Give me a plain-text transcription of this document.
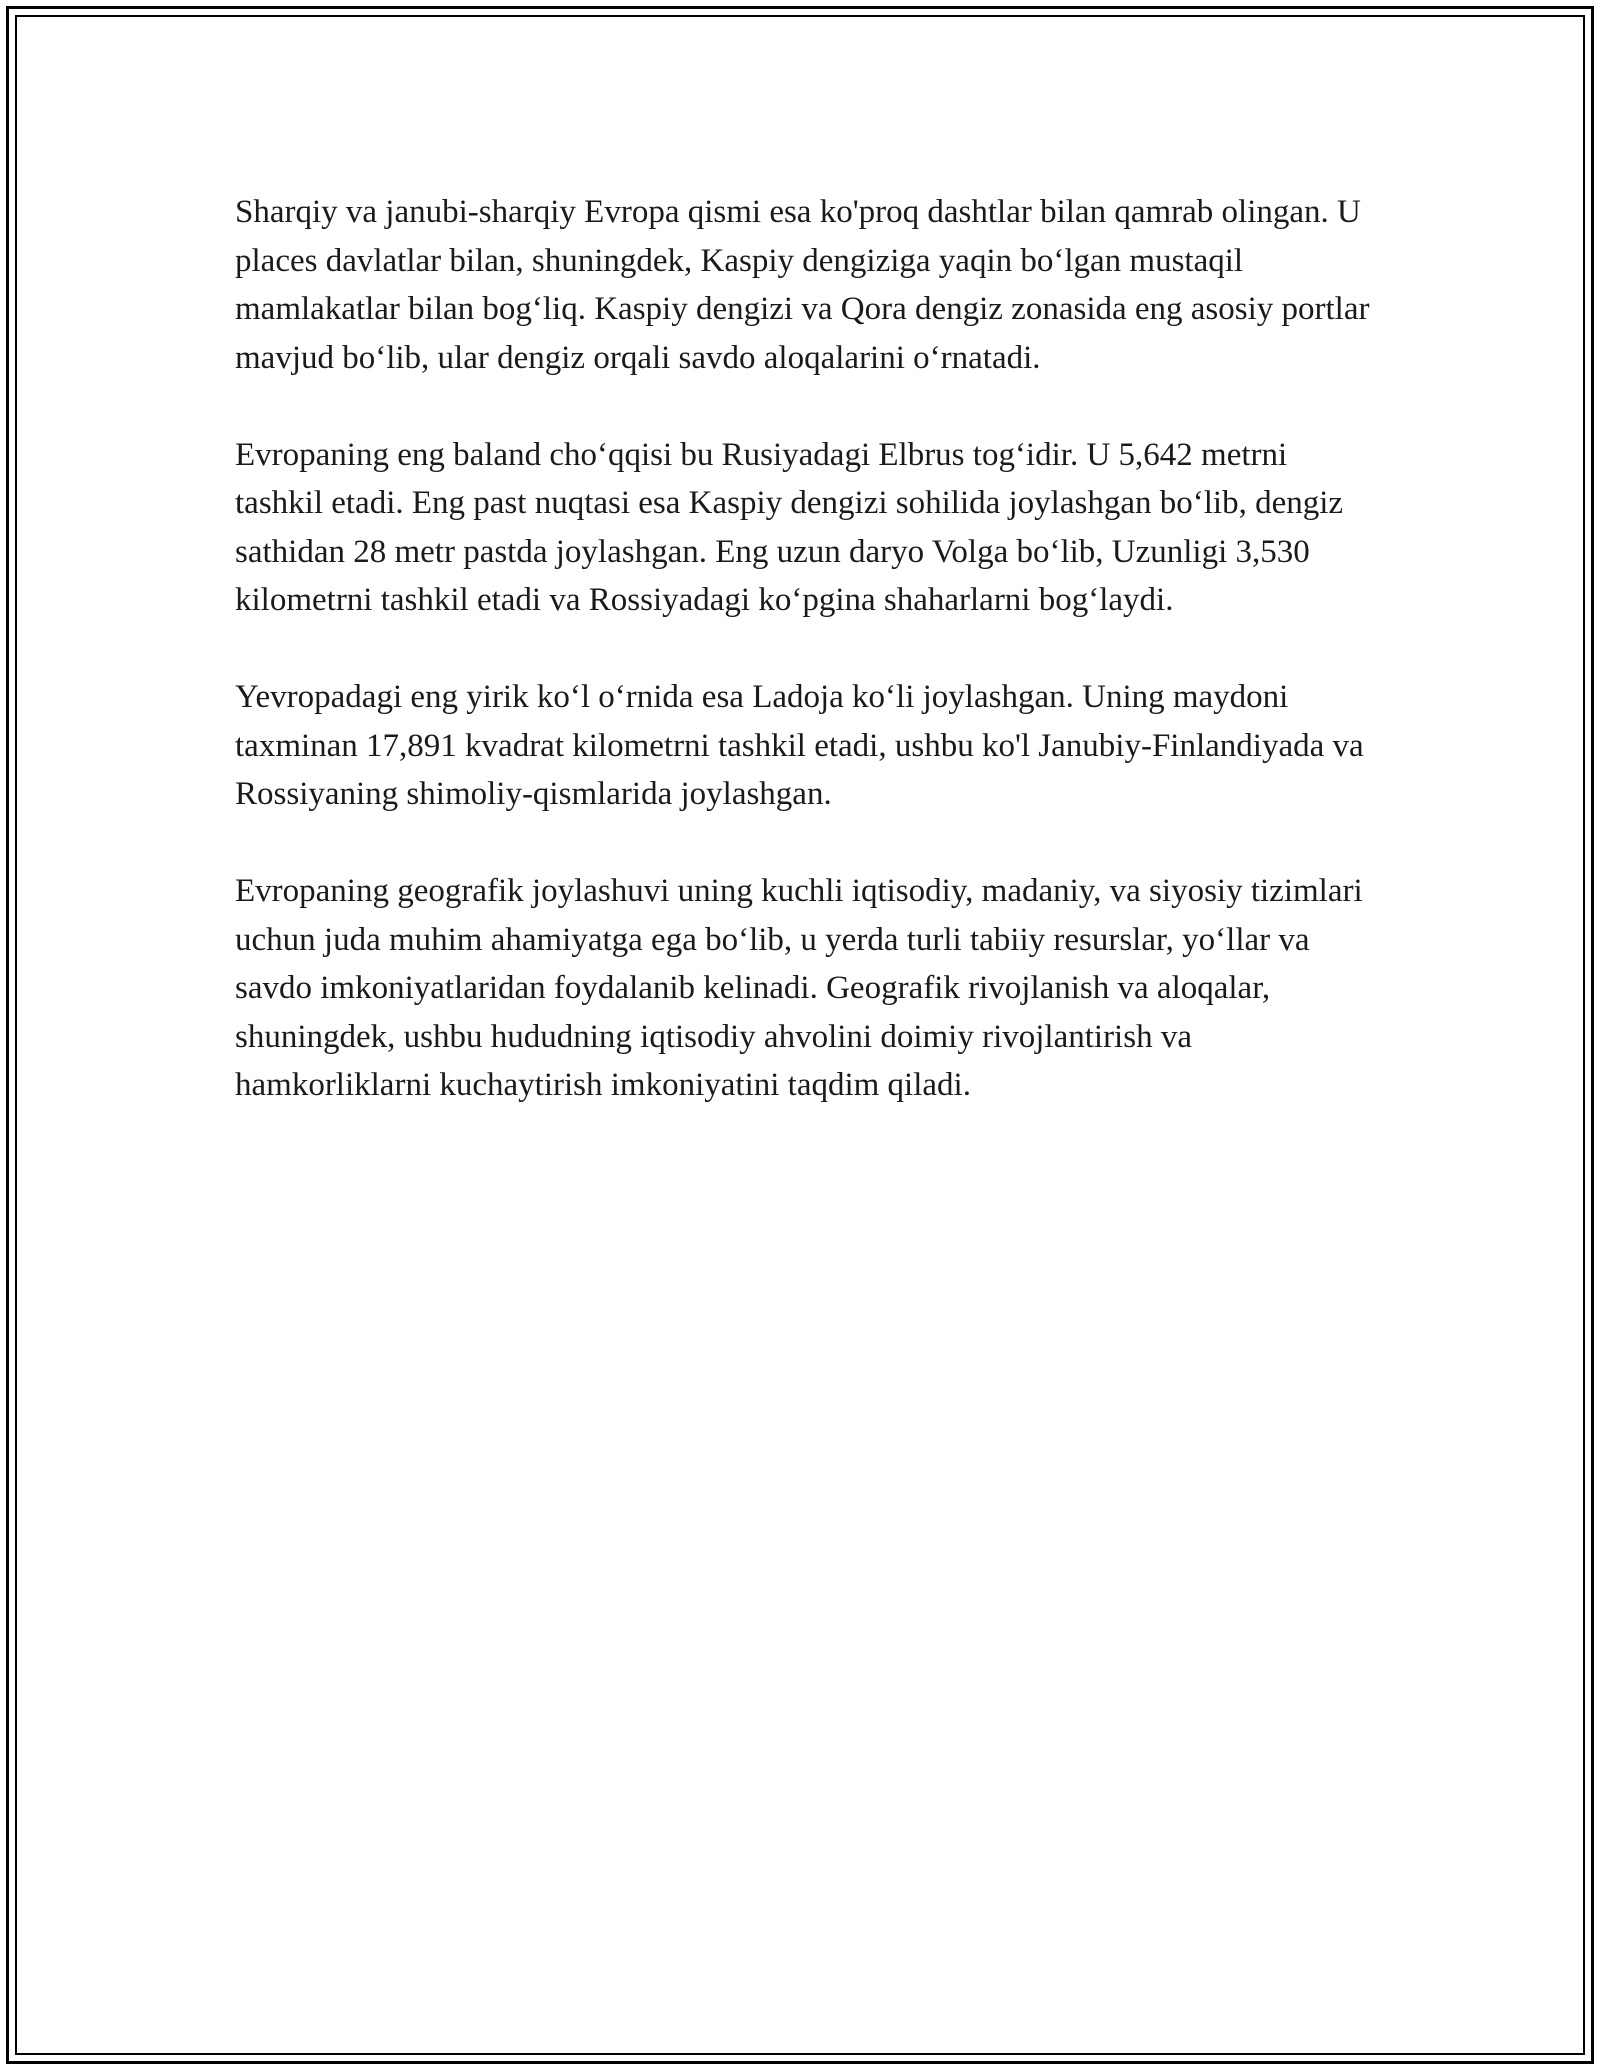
Sharqiy va janubi-sharqiy Evropa qismi esa ko'proq dashtlar bilan qamrab olingan. U places davlatlar bilan, shuningdek, Kaspiy dengiziga yaqin bo‘lgan mustaqil mamlakatlar bilan bog‘liq. Kaspiy dengizi va Qora dengiz zonasida eng asosiy portlar mavjud bo‘lib, ular dengiz orqali savdo aloqalarini o‘rnatadi.

Evropaning eng baland cho‘qqisi bu Rusiyadagi Elbrus tog‘idir. U 5,642 metrni tashkil etadi. Eng past nuqtasi esa Kaspiy dengizi sohilida joylashgan bo‘lib, dengiz sathidan 28 metr pastda joylashgan. Eng uzun daryo Volga bo‘lib, Uzunligi 3,530 kilometrni tashkil etadi va Rossiyadagi ko‘pgina shaharlarni bog‘laydi.

Yevropadagi eng yirik ko‘l o‘rnida esa Ladoja ko‘li joylashgan. Uning maydoni taxminan 17,891 kvadrat kilometrni tashkil etadi, ushbu ko'l Janubiy-Finlandiyada va Rossiyaning shimoliy-qismlarida joylashgan.

Evropaning geografik joylashuvi uning kuchli iqtisodiy, madaniy, va siyosiy tizimlari uchun juda muhim ahamiyatga ega bo‘lib, u yerda turli tabiiy resurslar, yo‘llar va savdo imkoniyatlaridan foydalanib kelinadi. Geografik rivojlanish va aloqalar, shuningdek, ushbu hududning iqtisodiy ahvolini doimiy rivojlantirish va hamkorliklarni kuchaytirish imkoniyatini taqdim qiladi.
